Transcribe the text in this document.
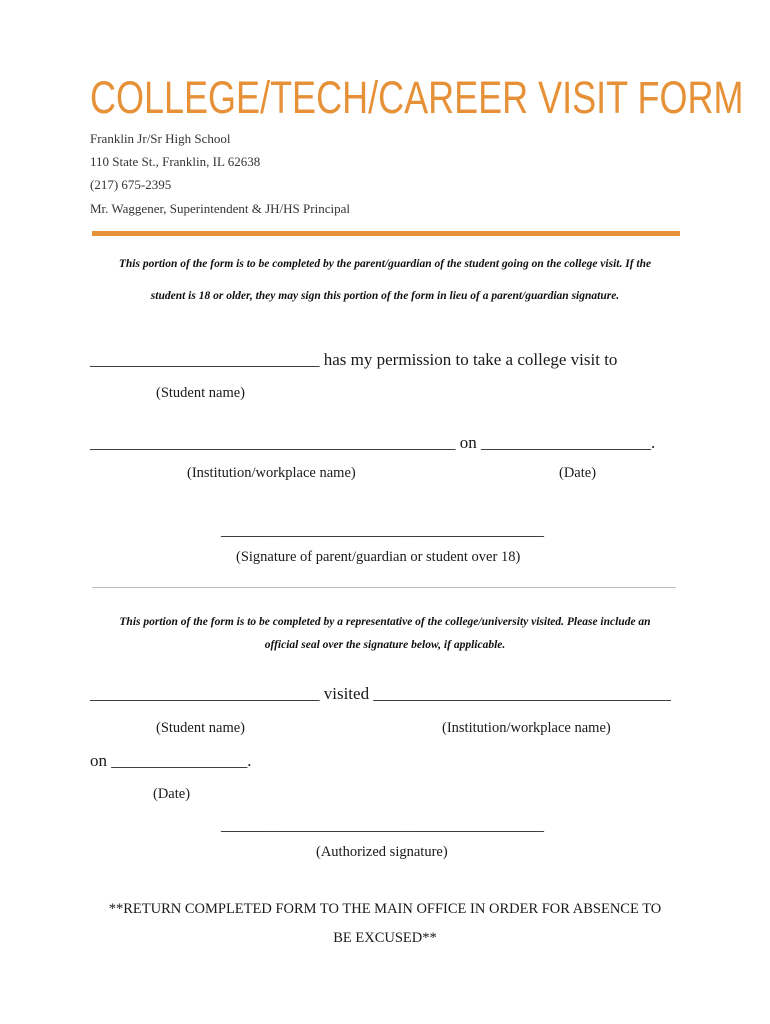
COLLEGE/TECH/CAREER VISIT FORM
Franklin Jr/Sr High School
110 State St., Franklin, IL 62638
(217) 675-2395
Mr. Waggener, Superintendent & JH/HS Principal
This portion of the form is to be completed by the parent/guardian of the student going on the college visit. If the
student is 18 or older, they may sign this portion of the form in lieu of a parent/guardian signature.
___________________________ has my permission to take a college visit to
(Student name)
___________________________________________ on ____________________.
(Institution/workplace name)	(Date)
______________________________________
(Signature of parent/guardian or student over 18)
This portion of the form is to be completed by a representative of the college/university visited. Please include an
official seal over the signature below, if applicable.
___________________________ visited ___________________________________
(Student name)	(Institution/workplace name)
on ________________.
(Date)
______________________________________
(Authorized signature)
**RETURN COMPLETED FORM TO THE MAIN OFFICE IN ORDER FOR ABSENCE TO
BE EXCUSED**
